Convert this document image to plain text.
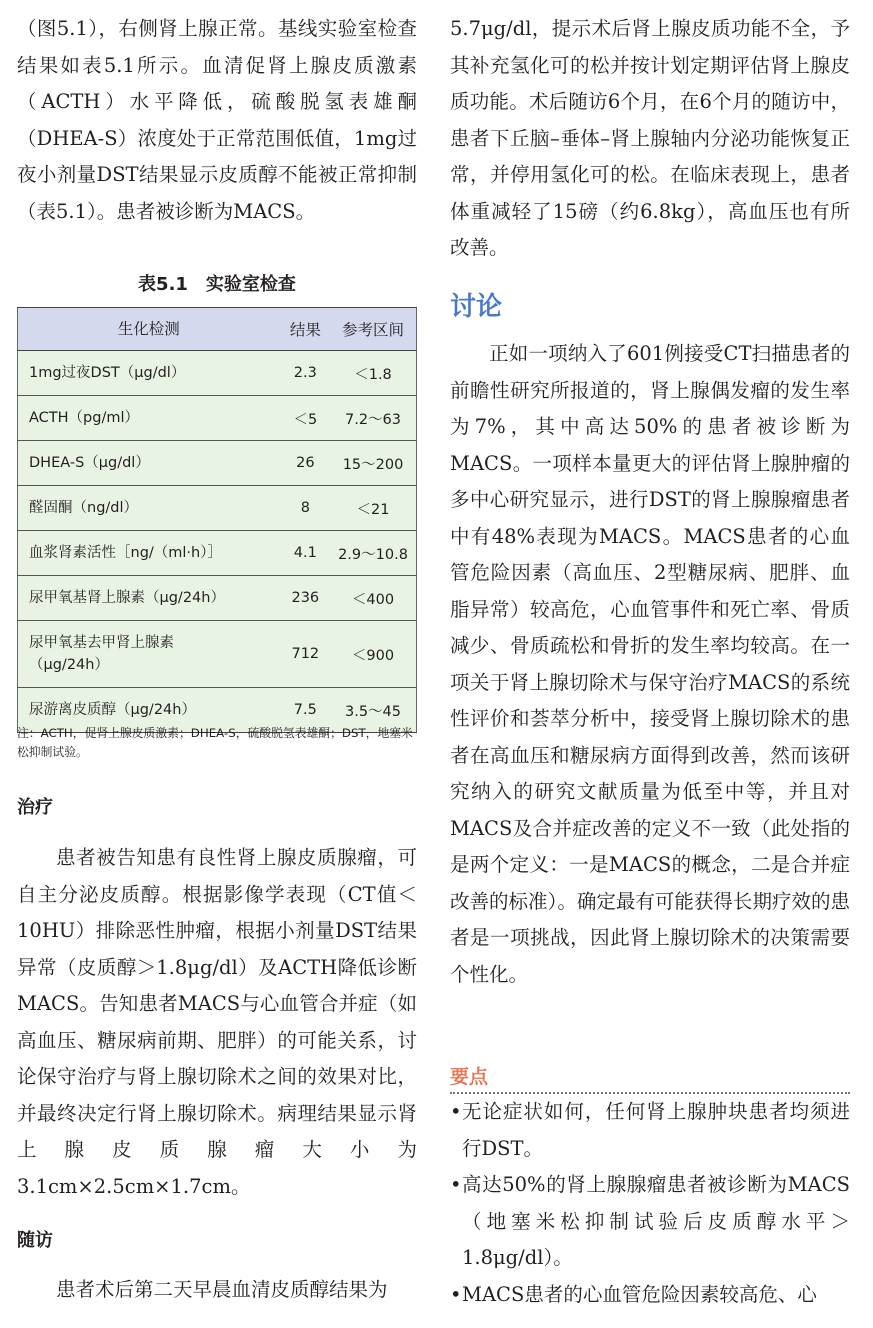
（图5.1），右侧肾上腺正常。基线实验室检查结果如表5.1所示。血清促肾上腺皮质激素（ACTH）水平降低，硫酸脱氢表雄酮（DHEA-S）浓度处于正常范围低值，1mg过夜小剂量DST结果显示皮质醇不能被正常抑制（表5.1）。患者被诊断为MACS。

表5.1　实验室检查
生化检测	结果	参考区间
1mg过夜DST（μg/dl）	2.3	＜1.8
ACTH（pg/ml）	＜5	7.2～63
DHEA-S（μg/dl）	26	15～200
醛固酮（ng/dl）	8	＜21
血浆肾素活性［ng/（ml·h）］	4.1	2.9～10.8
尿甲氧基肾上腺素（μg/24h）	236	＜400
尿甲氧基去甲肾上腺素（μg/24h）	712	＜900
尿游离皮质醇（μg/24h）	7.5	3.5～45
注：ACTH，促肾上腺皮质激素；DHEA-S，硫酸脱氢表雄酮；DST，地塞米松抑制试验。
治疗

患者被告知患有良性肾上腺皮质腺瘤，可自主分泌皮质醇。根据影像学表现（CT值＜10HU）排除恶性肿瘤，根据小剂量DST结果异常（皮质醇＞1.8μg/dl）及ACTH降低诊断MACS。告知患者MACS与心血管合并症（如高血压、糖尿病前期、肥胖）的可能关系，讨论保守治疗与肾上腺切除术之间的效果对比，并最终决定行肾上腺切除术。病理结果显示肾上腺皮质腺瘤大小为3.1cm×2.5cm×1.7cm。

随访

患者术后第二天早晨血清皮质醇结果为

5.7μg/dl，提示术后肾上腺皮质功能不全，予其补充氢化可的松并按计划定期评估肾上腺皮质功能。术后随访6个月，在6个月的随访中，患者下丘脑–垂体–肾上腺轴内分泌功能恢复正常，并停用氢化可的松。在临床表现上，患者体重减轻了15磅（约6.8kg），高血压也有所改善。

讨论

正如一项纳入了601例接受CT扫描患者的前瞻性研究所报道的，肾上腺偶发瘤的发生率为7%，其中高达50%的患者被诊断为MACS。一项样本量更大的评估肾上腺肿瘤的多中心研究显示，进行DST的肾上腺腺瘤患者中有48%表现为MACS。MACS患者的心血管危险因素（高血压、2型糖尿病、肥胖、血脂异常）较高危，心血管事件和死亡率、骨质减少、骨质疏松和骨折的发生率均较高。在一项关于肾上腺切除术与保守治疗MACS的系统性评价和荟萃分析中，接受肾上腺切除术的患者在高血压和糖尿病方面得到改善，然而该研究纳入的研究文献质量为低至中等，并且对MACS及合并症改善的定义不一致（此处指的是两个定义：一是MACS的概念，二是合并症改善的标准）。确定最有可能获得长期疗效的患者是一项挑战，因此肾上腺切除术的决策需要个性化。

要点
• 无论症状如何，任何肾上腺肿块患者均须进行DST。
• 高达50%的肾上腺腺瘤患者被诊断为MACS（地塞米松抑制试验后皮质醇水平＞1.8μg/dl）。
• MACS患者的心血管危险因素较高危、心
